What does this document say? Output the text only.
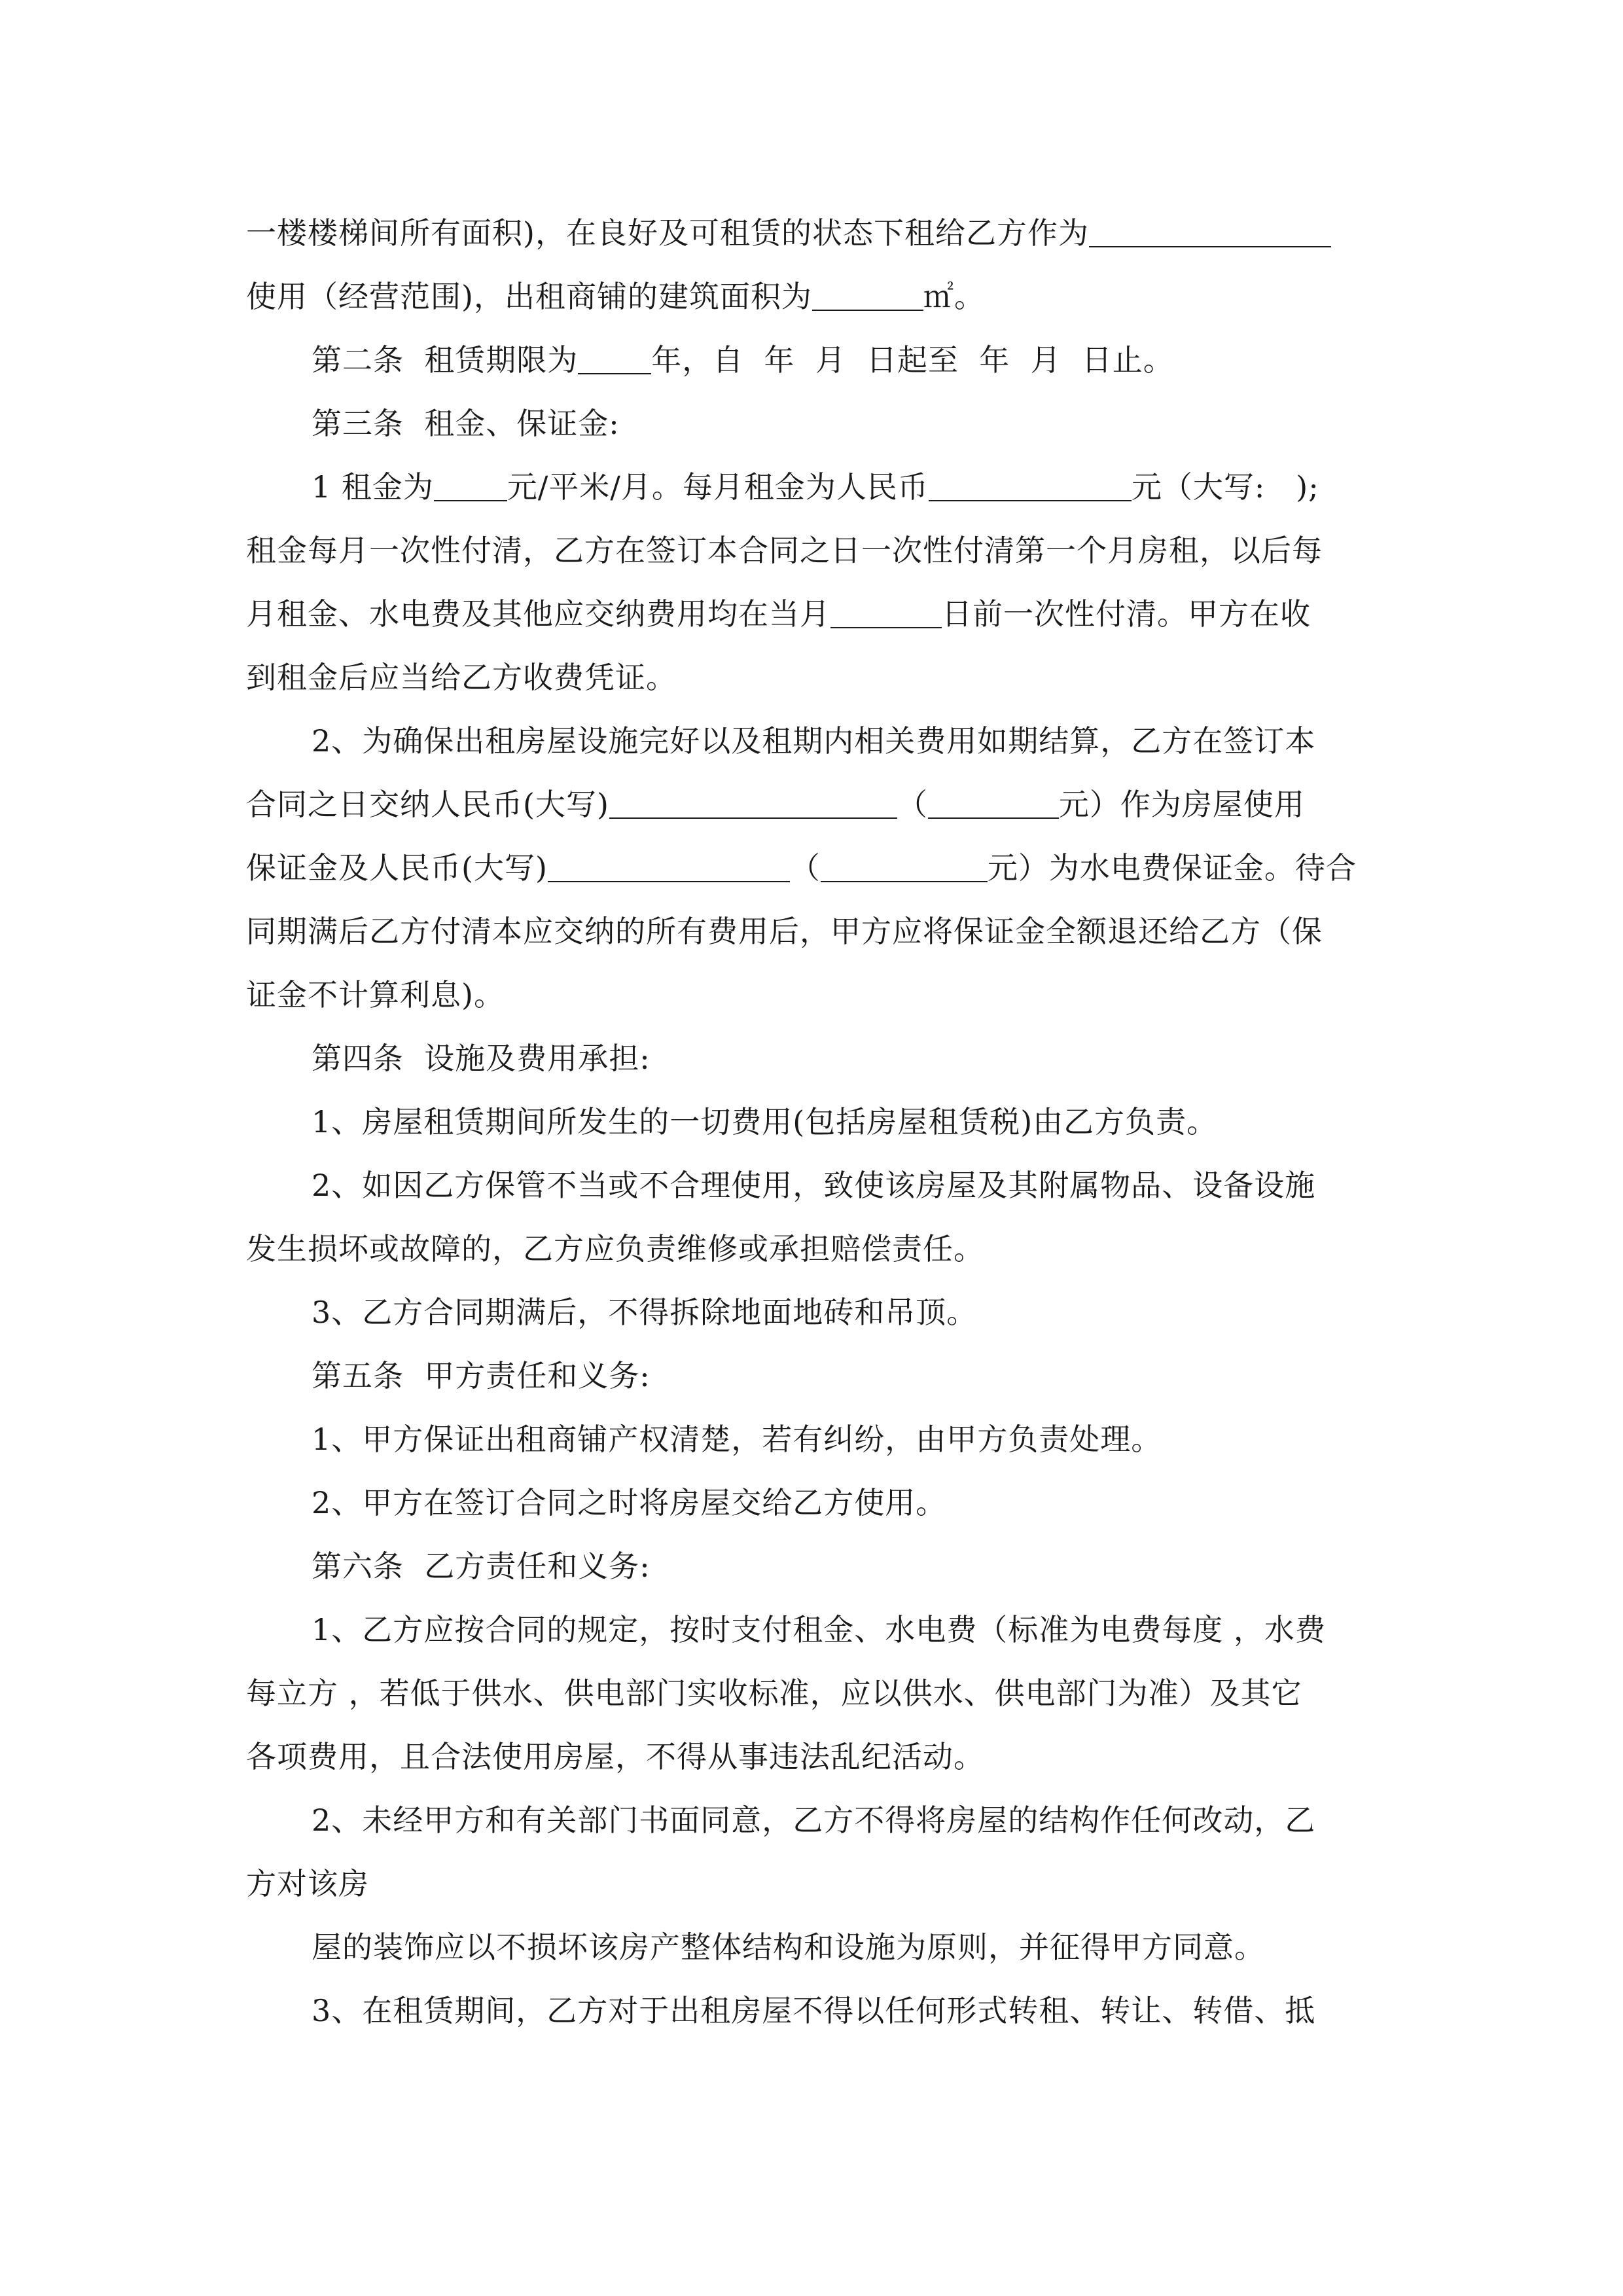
一楼楼梯间所有面积)，在良好及可租赁的状态下租给乙方作为
使用（经营范围)，出租商铺的建筑面积为	㎡。
第二条  租赁期限为 年，自  年  月  日起至  年  月  日止。
第三条  租金、保证金:
1 租金为 元/平米/月。每月租金为人民币	元（大写:   );
租金每月一次性付清，乙方在签订本合同之日一次性付清第一个月房租，以后每
月租金、水电费及其他应交纳费用均在当月	日前一次性付清。甲方在收
到租金后应当给乙方收费凭证。
2、为确保出租房屋设施完好以及租期内相关费用如期结算，乙方在签订本
合同之日交纳人民币(大写)	（	元）作为房屋使用
保证金及人民币(大写)	（	元）为水电费保证金。待合
同期满后乙方付清本应交纳的所有费用后，甲方应将保证金全额退还给乙方（保
证金不计算利息)。
第四条  设施及费用承担:
1、房屋租赁期间所发生的一切费用(包括房屋租赁税)由乙方负责。
2、如因乙方保管不当或不合理使用，致使该房屋及其附属物品、设备设施
发生损坏或故障的，乙方应负责维修或承担赔偿责任。
3、乙方合同期满后，不得拆除地面地砖和吊顶。
第五条  甲方责任和义务:
1、甲方保证出租商铺产权清楚，若有纠纷，由甲方负责处理。
2、甲方在签订合同之时将房屋交给乙方使用。
第六条  乙方责任和义务:
1、乙方应按合同的规定，按时支付租金、水电费（标准为电费每度 ，水费
每立方 ，若低于供水、供电部门实收标准，应以供水、供电部门为准）及其它
各项费用，且合法使用房屋，不得从事违法乱纪活动。
2、未经甲方和有关部门书面同意，乙方不得将房屋的结构作任何改动，乙
方对该房
屋的装饰应以不损坏该房产整体结构和设施为原则，并征得甲方同意。
3、在租赁期间，乙方对于出租房屋不得以任何形式转租、转让、转借、抵
